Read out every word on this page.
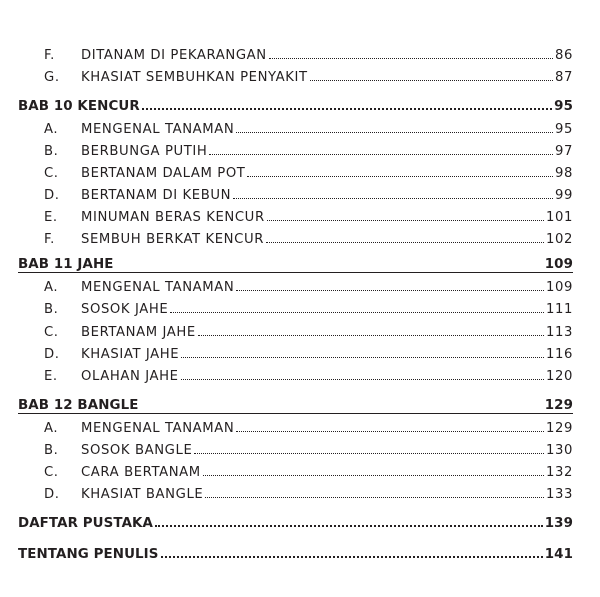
F.	DITANAM DI PEKARANGAN	86
G.	KHASIAT SEMBUHKAN PENYAKIT	87
BAB 10 KENCUR	95
A.	MENGENAL TANAMAN	95
B.	BERBUNGA PUTIH	97
C.	BERTANAM DALAM POT	98
D.	BERTANAM DI KEBUN	99
E.	MINUMAN BERAS KENCUR	101
F.	SEMBUH BERKAT KENCUR	102
BAB 11 JAHE	109
A.	MENGENAL TANAMAN	109
B.	SOSOK JAHE	111
C.	BERTANAM JAHE	113
D.	KHASIAT JAHE	116
E.	OLAHAN JAHE	120
BAB 12 BANGLE	129
A.	MENGENAL TANAMAN	129
B.	SOSOK BANGLE	130
C.	CARA BERTANAM	132
D.	KHASIAT BANGLE	133
DAFTAR PUSTAKA	139
TENTANG PENULIS	141
